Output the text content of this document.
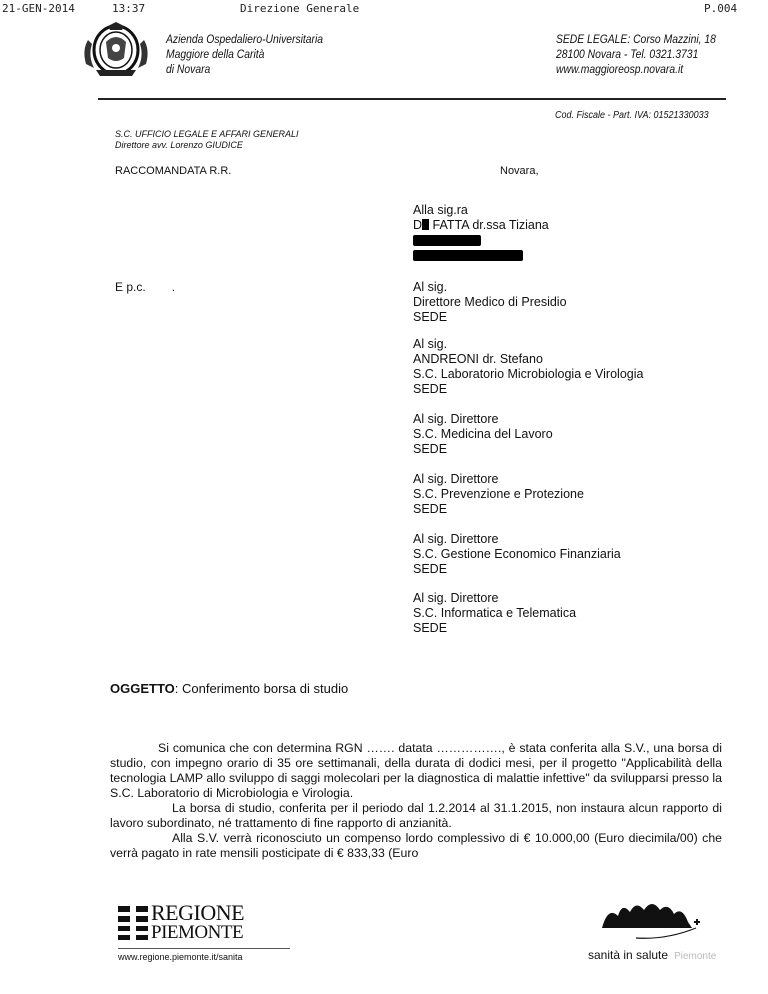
21-GEN-2014	13:37	Direzione Generale	P.004
Azienda Ospedaliero-Universitaria
Maggiore della Carità
di Novara
SEDE LEGALE: Corso Mazzini, 18
28100 Novara - Tel. 0321.3731
www.maggioreosp.novara.it
Cod. Fiscale - Part. IVA: 01521330033
S.C. UFFICIO LEGALE E AFFARI GENERALI
Direttore avv. Lorenzo GIUDICE
RACCOMANDATA R.R.	Novara,
Alla sig.ra
D FATTA dr.ssa Tiziana
E p.c. .	Al sig.
Direttore Medico di Presidio
SEDE
Al sig.
ANDREONI dr. Stefano
S.C. Laboratorio Microbiologia e Virologia
SEDE
Al sig. Direttore
S.C. Medicina del Lavoro
SEDE
Al sig. Direttore
S.C. Prevenzione e Protezione
SEDE
Al sig. Direttore
S.C. Gestione Economico Finanziaria
SEDE
Al sig. Direttore
S.C. Informatica e Telematica
SEDE
OGGETTO: Conferimento borsa di studio

Si comunica che con determina RGN ……. datata ……………., è stata conferita alla S.V., una borsa di studio, con impegno orario di 35 ore settimanali, della durata di dodici mesi, per il progetto "Applicabilità della tecnologia LAMP allo sviluppo di saggi molecolari per la diagnostica di malattie infettive" da svilupparsi presso la S.C. Laboratorio di Microbiologia e Virologia.

La borsa di studio, conferita per il periodo dal 1.2.2014 al 31.1.2015, non instaura alcun rapporto di lavoro subordinato, né trattamento di fine rapporto di anzianità.

Alla S.V. verrà riconosciuto un compenso lordo complessivo di € 10.000,00 (Euro diecimila/00) che verrà pagato in rate mensili posticipate di € 833,33 (Euro

REGIONE
PIEMONTE
www.regione.piemonte.it/sanita	sanità in salute Piemonte
